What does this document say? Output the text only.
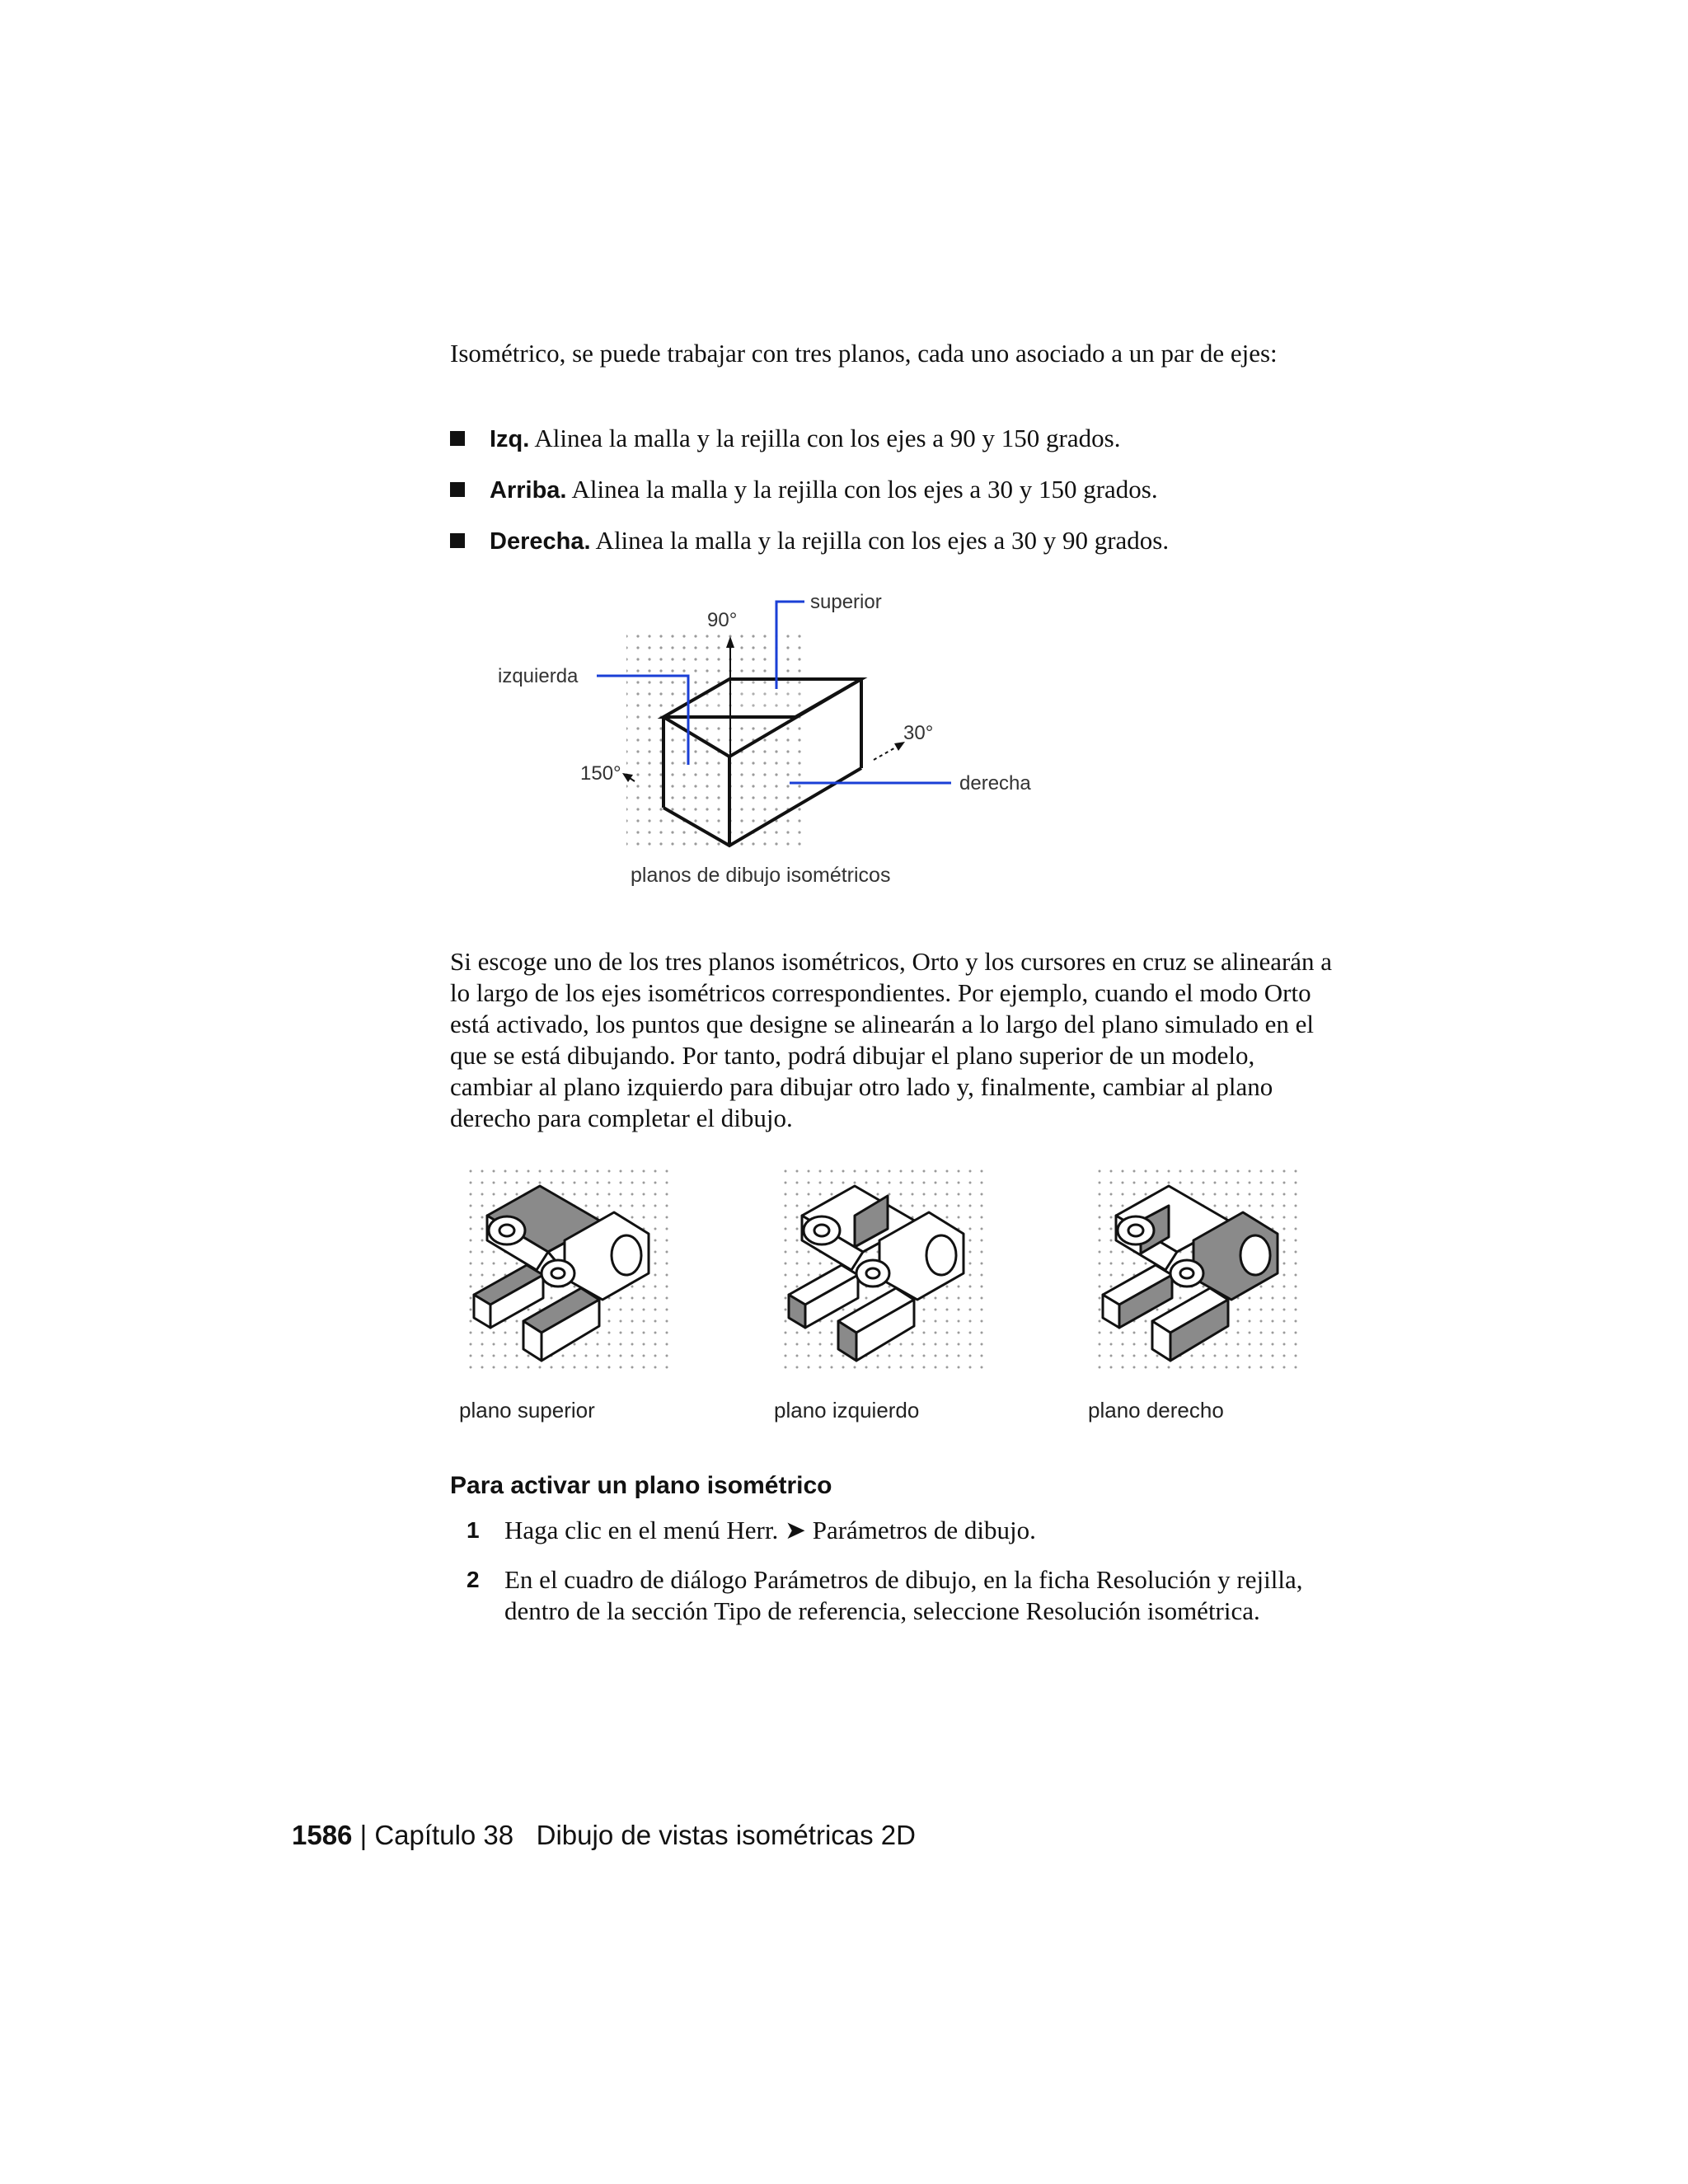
Isométrico, se puede trabajar con tres planos, cada uno asociado a un par de ejes:
Izq. Alinea la malla y la rejilla con los ejes a 90 y 150 grados.
Arriba. Alinea la malla y la rejilla con los ejes a 30 y 150 grados.
Derecha. Alinea la malla y la rejilla con los ejes a 30 y 90 grados.
90°
superior
izquierda
30°
150°	derecha
planos de dibujo isométricos
Si escoge uno de los tres planos isométricos, Orto y los cursores en cruz se alinearán a lo largo de los ejes isométricos correspondientes. Por ejemplo, cuando el modo Orto está activado, los puntos que designe se alinearán a lo largo del plano simulado en el que se está dibujando. Por tanto, podrá dibujar el plano superior de un modelo, cambiar al plano izquierdo para dibujar otro lado y, finalmente, cambiar al plano derecho para completar el dibujo.
plano superior	plano izquierdo	plano derecho
Para activar un plano isométrico
1 Haga clic en el menú Herr. ➤ Parámetros de dibujo.
2 En el cuadro de diálogo Parámetros de dibujo, en la ficha Resolución y rejilla, dentro de la sección Tipo de referencia, seleccione Resolución isométrica.
1586 | Capítulo 38   Dibujo de vistas isométricas 2D
